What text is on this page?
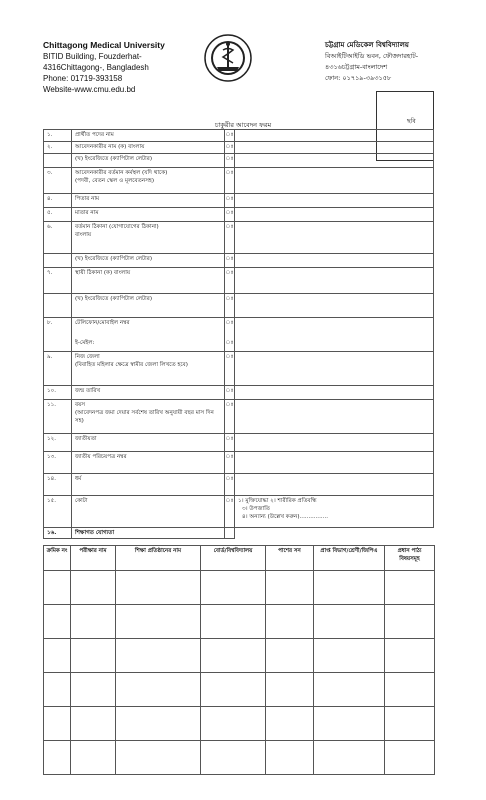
Chittagong Medical University
BITID Building, Fouzderhat-
4316Chittagong-, Bangladesh
Phone: 01719-393158
Website-www.cmu.edu.bd
চট্টগ্রাম মেডিকেল বিশ্ববিদ্যালয়
বিআইটিআইডি ভবন, ফৌজদারহাট-
৪৩১৬চট্টগ্রাম-বাংলাদেশ
ফোন: ০১৭১৯-৩৯৩১৫৮
ছবি
চাকুরীর আবেদন ফরম
১.	প্রার্থীত পদের নাম	ঃ	
২.	আবেদনকারীর নাম (ক) বাংলায়	ঃ	
	(খ) ইংরেজিতে (ক্যাপিটাল লেটার)	ঃ	
৩.	আবেদনকারীর বর্তমান কর্মস্থল (যদি থাকে)
(পদবী, বেতন স্কেল ও মূলবেতনসহ)	ঃ	
৪.	পিতার নাম	ঃ	
৫.	মাতার নাম	ঃ	
৬.	বর্তমান ঠিকানা (যোগাযোগের ঠিকানা)
বাংলায়	ঃ	
	(খ) ইংরেজিতে (ক্যাপিটাল লেটার)	ঃ	
৭.	স্থায়ী ঠিকানা (ক) বাংলায়	ঃ	
	(খ) ইংরেজিতে (ক্যাপিটাল লেটার)	ঃ	
৮.	টেলিফোন/মোবাইল নম্বর
ই-মেইল:	ঃ
ঃ	

৯.	নিজ জেলা
(বিবাহিত মহিলার ক্ষেত্রে স্বামীর জেলা লিখতে হবে)	ঃ	
১০.	জন্ম তারিখ	ঃ	
১১.	বয়স
(আবেদনপত্র জমা দেয়ার সর্বশেষ তারিখ অনুযায়ী বছর মাস দিন সহ)	ঃ	
১২.	জাতীয়তা	ঃ	
১৩.	জাতীয় পরিচয়পত্র নম্বর	ঃ	
১৪.	ধর্ম	ঃ	
১৫.	কোটা	ঃ	১। মুক্তিযোদ্ধা ২। শারীরিক প্রতিবন্ধি
৩। উপজাতি
৪। অন্যান্য (উল্লেখ করুন)................

১৬.	শিক্ষাগত যোগ্যতা		
ক্রমিক নং	পরীক্ষার নাম	শিক্ষা প্রতিষ্ঠানের নাম	বোর্ড/বিশ্ববিদ্যালয়	পাশের সন	প্রাপ্ত বিভাগ/শ্রেণী/জিপিএ	প্রধান পাঠ্য বিষয়সমূহ
